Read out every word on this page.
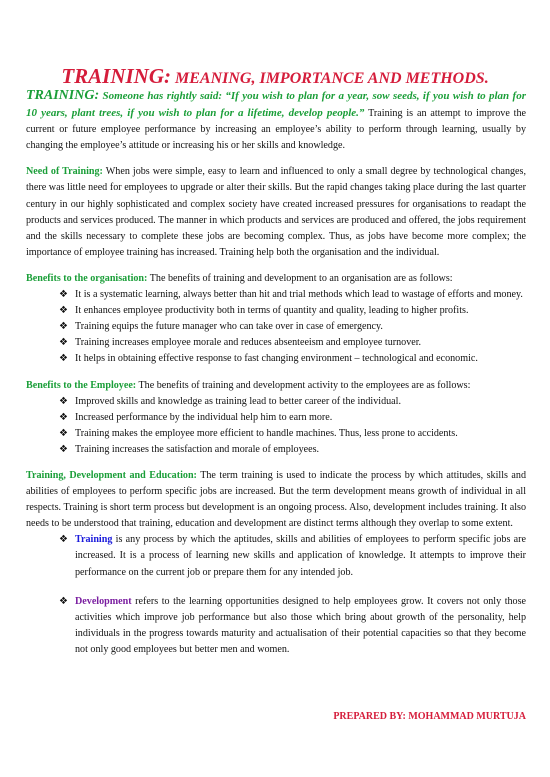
TRAINING: MEANING, IMPORTANCE AND METHODS.

TRAINING: Someone has rightly said: “If you wish to plan for a year, sow seeds, if you wish to plan for 10 years, plant trees, if you wish to plan for a lifetime, develop people.” Training is an attempt to improve the current or future employee performance by increasing an employee’s ability to perform through learning, usually by changing the employee’s attitude or increasing his or her skills and knowledge.

Need of Training: When jobs were simple, easy to learn and influenced to only a small degree by technological changes, there was little need for employees to upgrade or alter their skills. But the rapid changes taking place during the last quarter century in our highly sophisticated and complex society have created increased pressures for organisations to readapt the products and services produced. The manner in which products and services are produced and offered, the jobs requirement and the skills necessary to complete these jobs are becoming complex. Thus, as jobs have become more complex; the importance of employee training has increased. Training help both the organisation and the individual.

Benefits to the organisation: The benefits of training and development to an organisation are as follows:

❖ It is a systematic learning, always better than hit and trial methods which lead to wastage of efforts and money.
❖ It enhances employee productivity both in terms of quantity and quality, leading to higher profits.
❖ Training equips the future manager who can take over in case of emergency.
❖ Training increases employee morale and reduces absenteeism and employee turnover.
❖ It helps in obtaining effective response to fast changing environment – technological and economic.

Benefits to the Employee: The benefits of training and development activity to the employees are as follows:

❖ Improved skills and knowledge as training lead to better career of the individual.
❖ Increased performance by the individual help him to earn more.
❖ Training makes the employee more efficient to handle machines. Thus, less prone to accidents.
❖ Training increases the satisfaction and morale of employees.

Training, Development and Education: The term training is used to indicate the process by which attitudes, skills and abilities of employees to perform specific jobs are increased. But the term development means growth of individual in all respects. Training is short term process but development is an ongoing process. Also, development includes training. It also needs to be understood that training, education and development are distinct terms although they overlap to some extent.

❖ Training is any process by which the aptitudes, skills and abilities of employees to perform specific jobs are increased. It is a process of learning new skills and application of knowledge. It attempts to improve their performance on the current job or prepare them for any intended job.
❖ Development refers to the learning opportunities designed to help employees grow. It covers not only those activities which improve job performance but also those which bring about growth of the personality, help individuals in the progress towards maturity and actualisation of their potential capacities so that they become not only good employees but better men and women.
PREPARED BY: MOHAMMAD MURTUJA
